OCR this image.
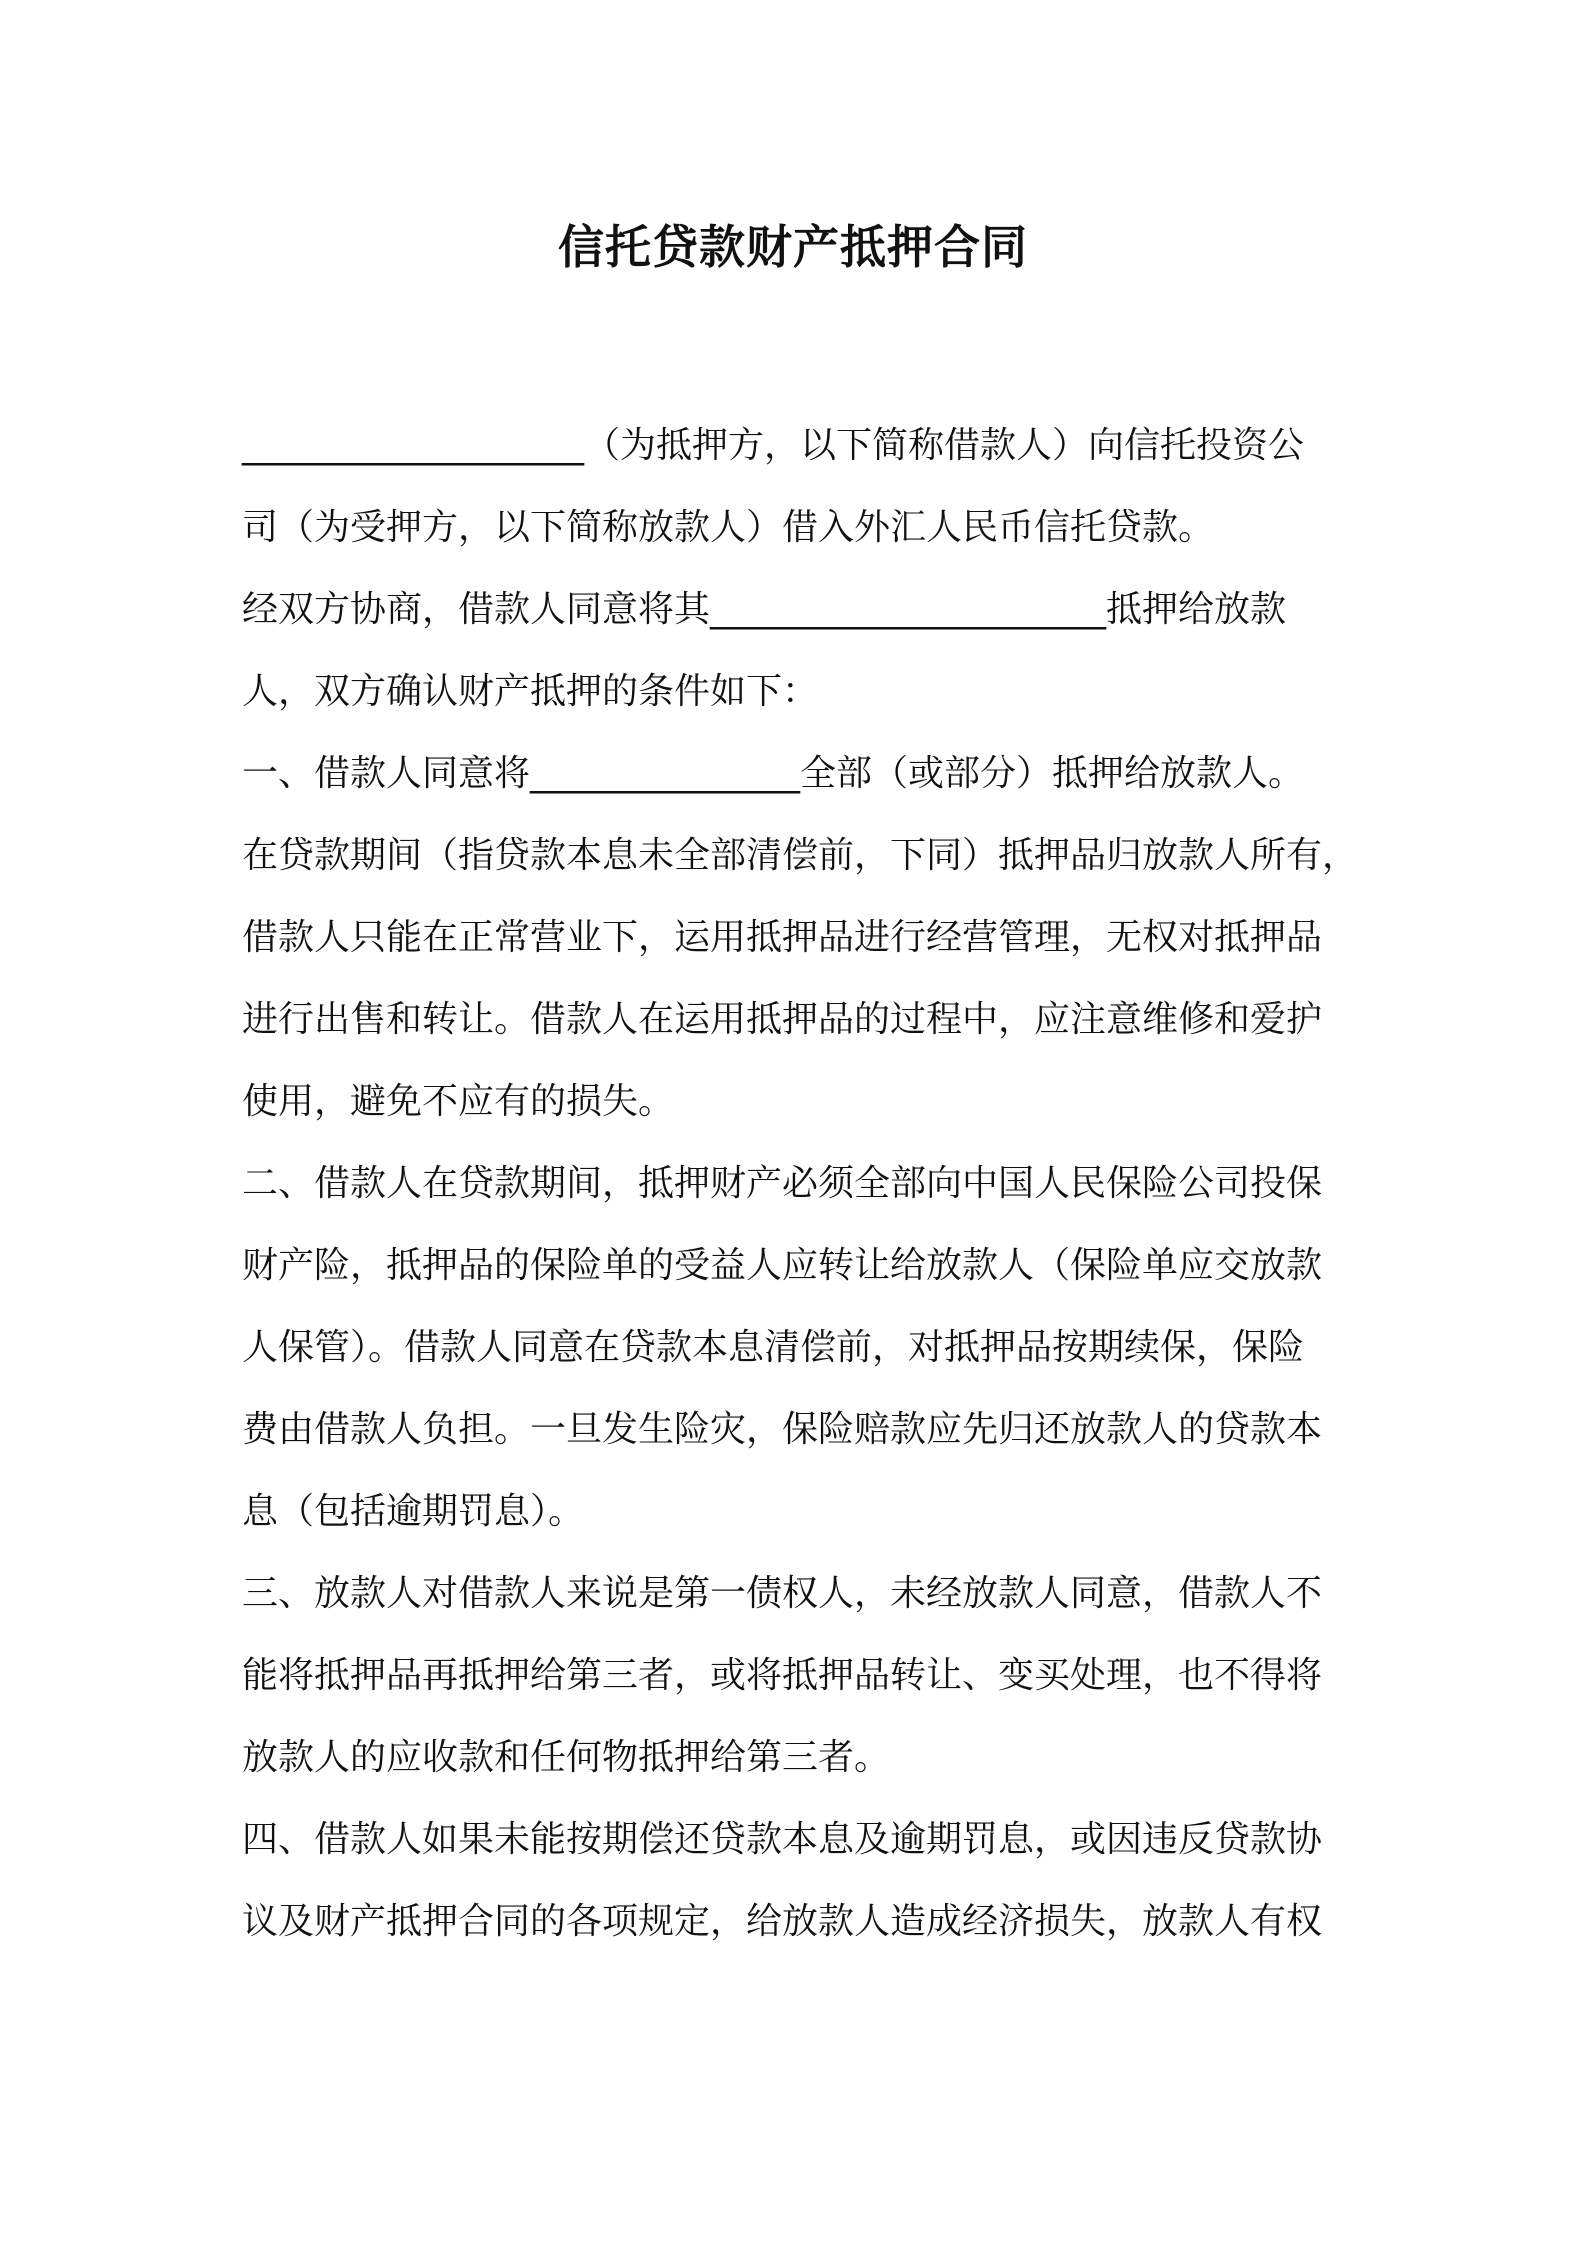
信托贷款财产抵押合同
___________________（为抵押方，以下简称借款人）向信托投资公
司（为受押方，以下简称放款人）借入外汇人民币信托贷款。
经双方协商，借款人同意将其______________________抵押给放款
人，双方确认财产抵押的条件如下：
一、借款人同意将_______________全部（或部分）抵押给放款人。
在贷款期间（指贷款本息未全部清偿前，下同）抵押品归放款人所有，
借款人只能在正常营业下，运用抵押品进行经营管理，无权对抵押品
进行出售和转让。借款人在运用抵押品的过程中，应注意维修和爱护
使用，避免不应有的损失。
二、借款人在贷款期间，抵押财产必须全部向中国人民保险公司投保
财产险，抵押品的保险单的受益人应转让给放款人（保险单应交放款
人保管）。借款人同意在贷款本息清偿前，对抵押品按期续保，保险
费由借款人负担。一旦发生险灾，保险赔款应先归还放款人的贷款本
息（包括逾期罚息）。
三、放款人对借款人来说是第一债权人，未经放款人同意，借款人不
能将抵押品再抵押给第三者，或将抵押品转让、变买处理，也不得将
放款人的应收款和任何物抵押给第三者。
四、借款人如果未能按期偿还贷款本息及逾期罚息，或因违反贷款协
议及财产抵押合同的各项规定，给放款人造成经济损失，放款人有权
